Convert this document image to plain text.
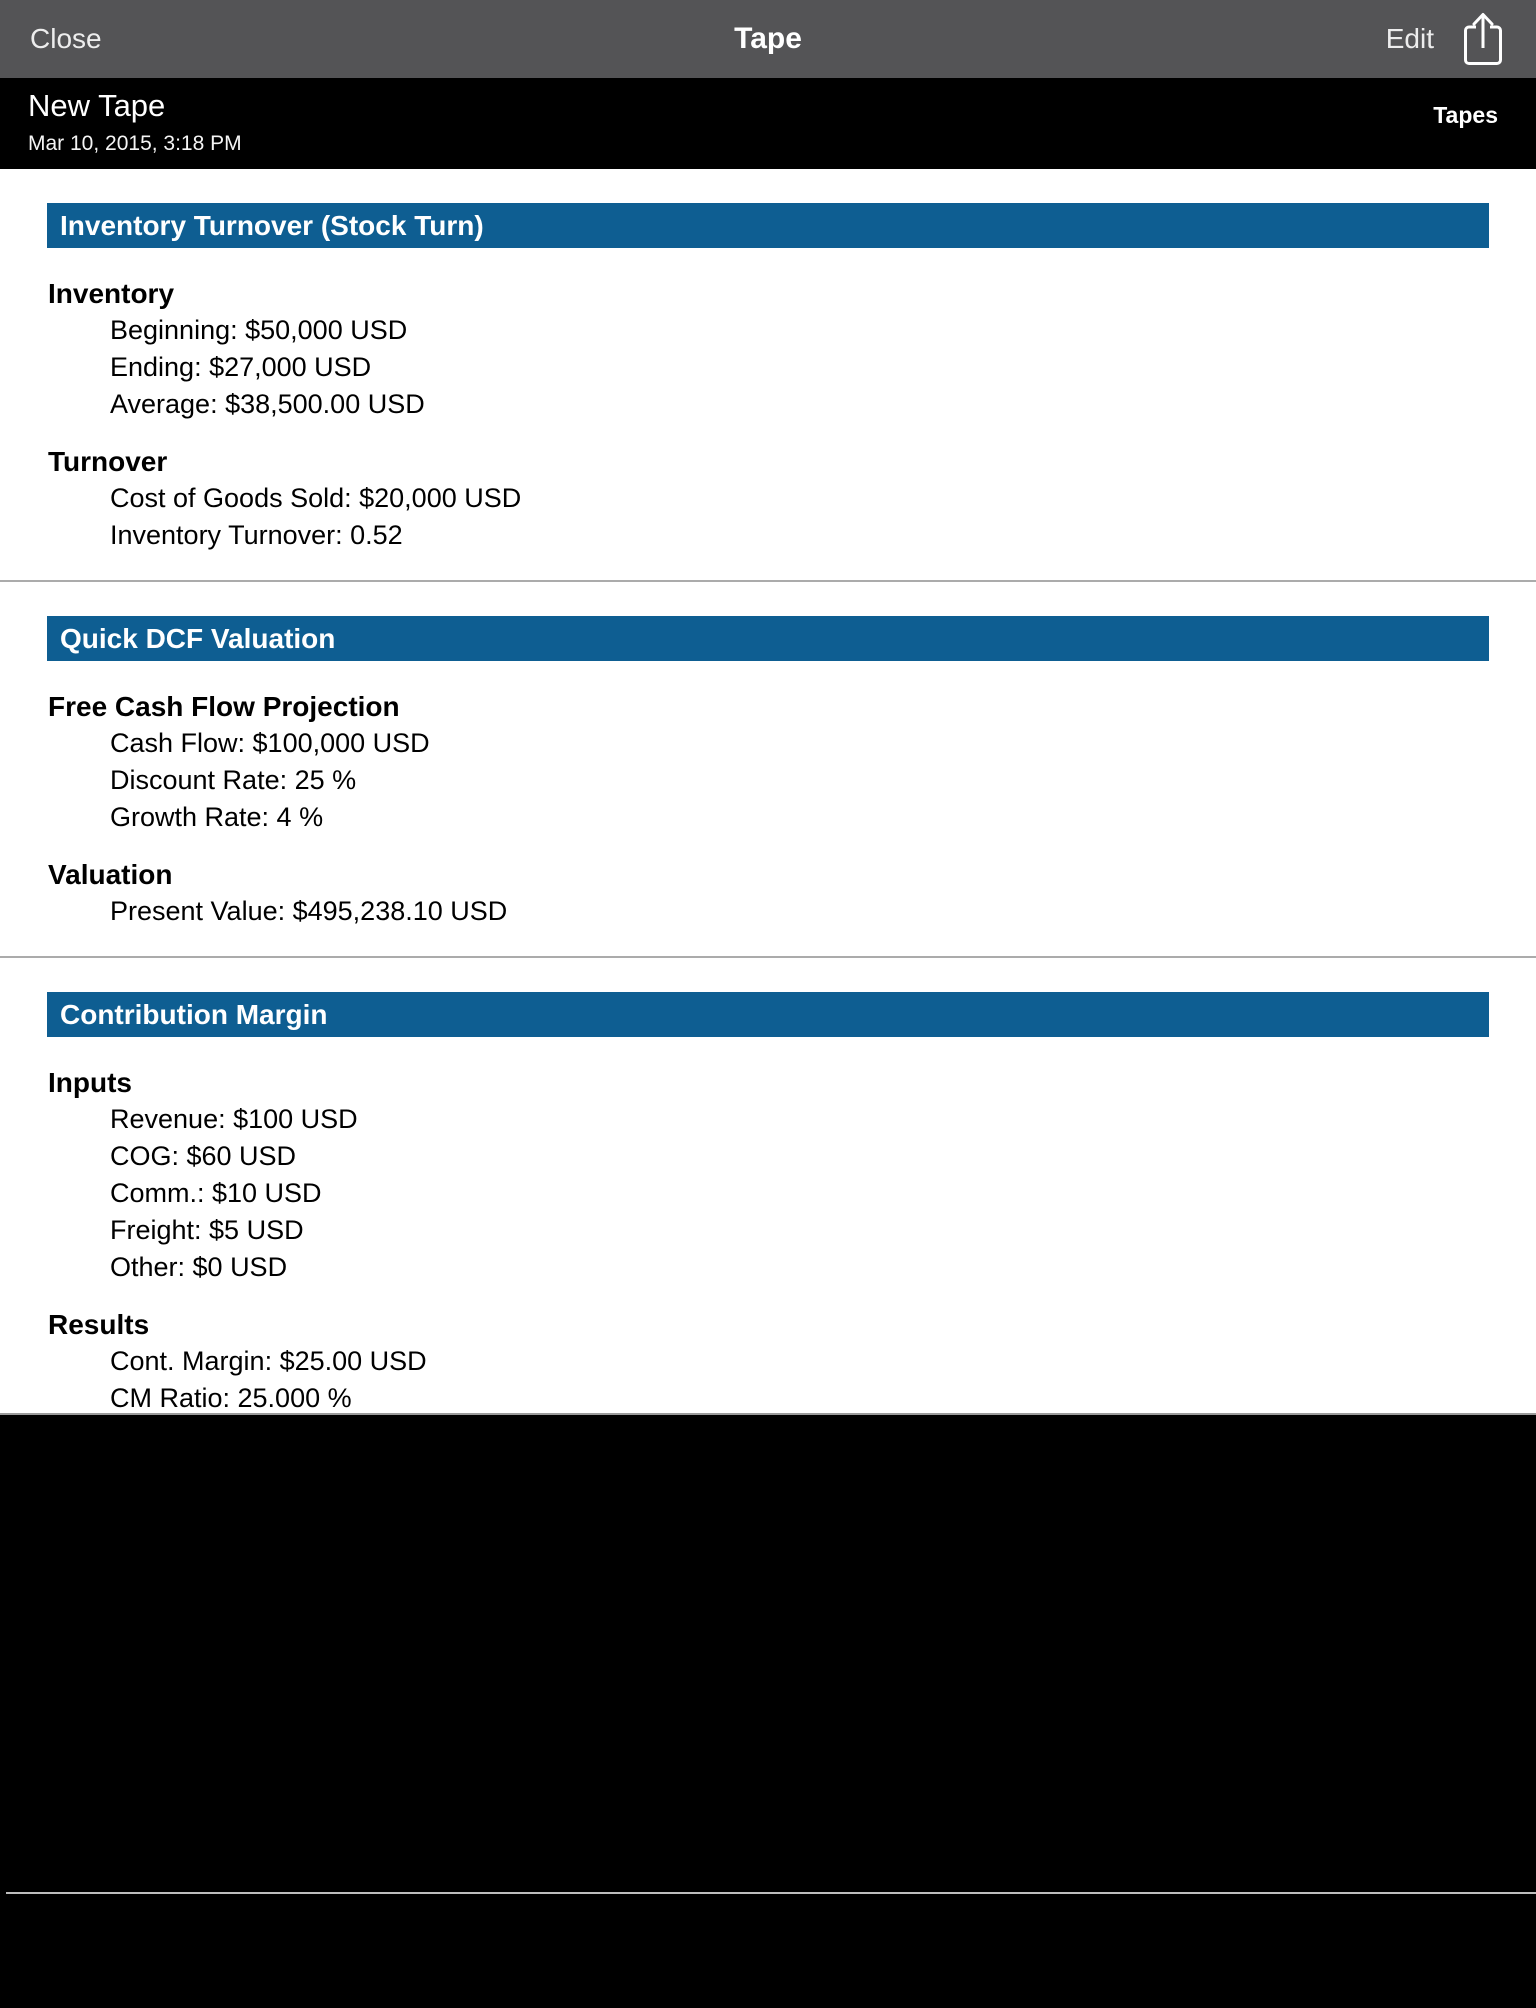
Close	Tape	Edit
New Tape
Mar 10, 2015, 3:18 PM
Tapes
Inventory Turnover (Stock Turn)
Inventory
Beginning: $50,000 USD
Ending: $27,000 USD
Average: $38,500.00 USD
Turnover
Cost of Goods Sold: $20,000 USD
Inventory Turnover: 0.52
Quick DCF Valuation
Free Cash Flow Projection
Cash Flow: $100,000 USD
Discount Rate: 25 %
Growth Rate: 4 %
Valuation
Present Value: $495,238.10 USD
Contribution Margin
Inputs
Revenue: $100 USD
COG: $60 USD
Comm.: $10 USD
Freight: $5 USD
Other: $0 USD
Results
Cont. Margin: $25.00 USD
CM Ratio: 25.000 %
